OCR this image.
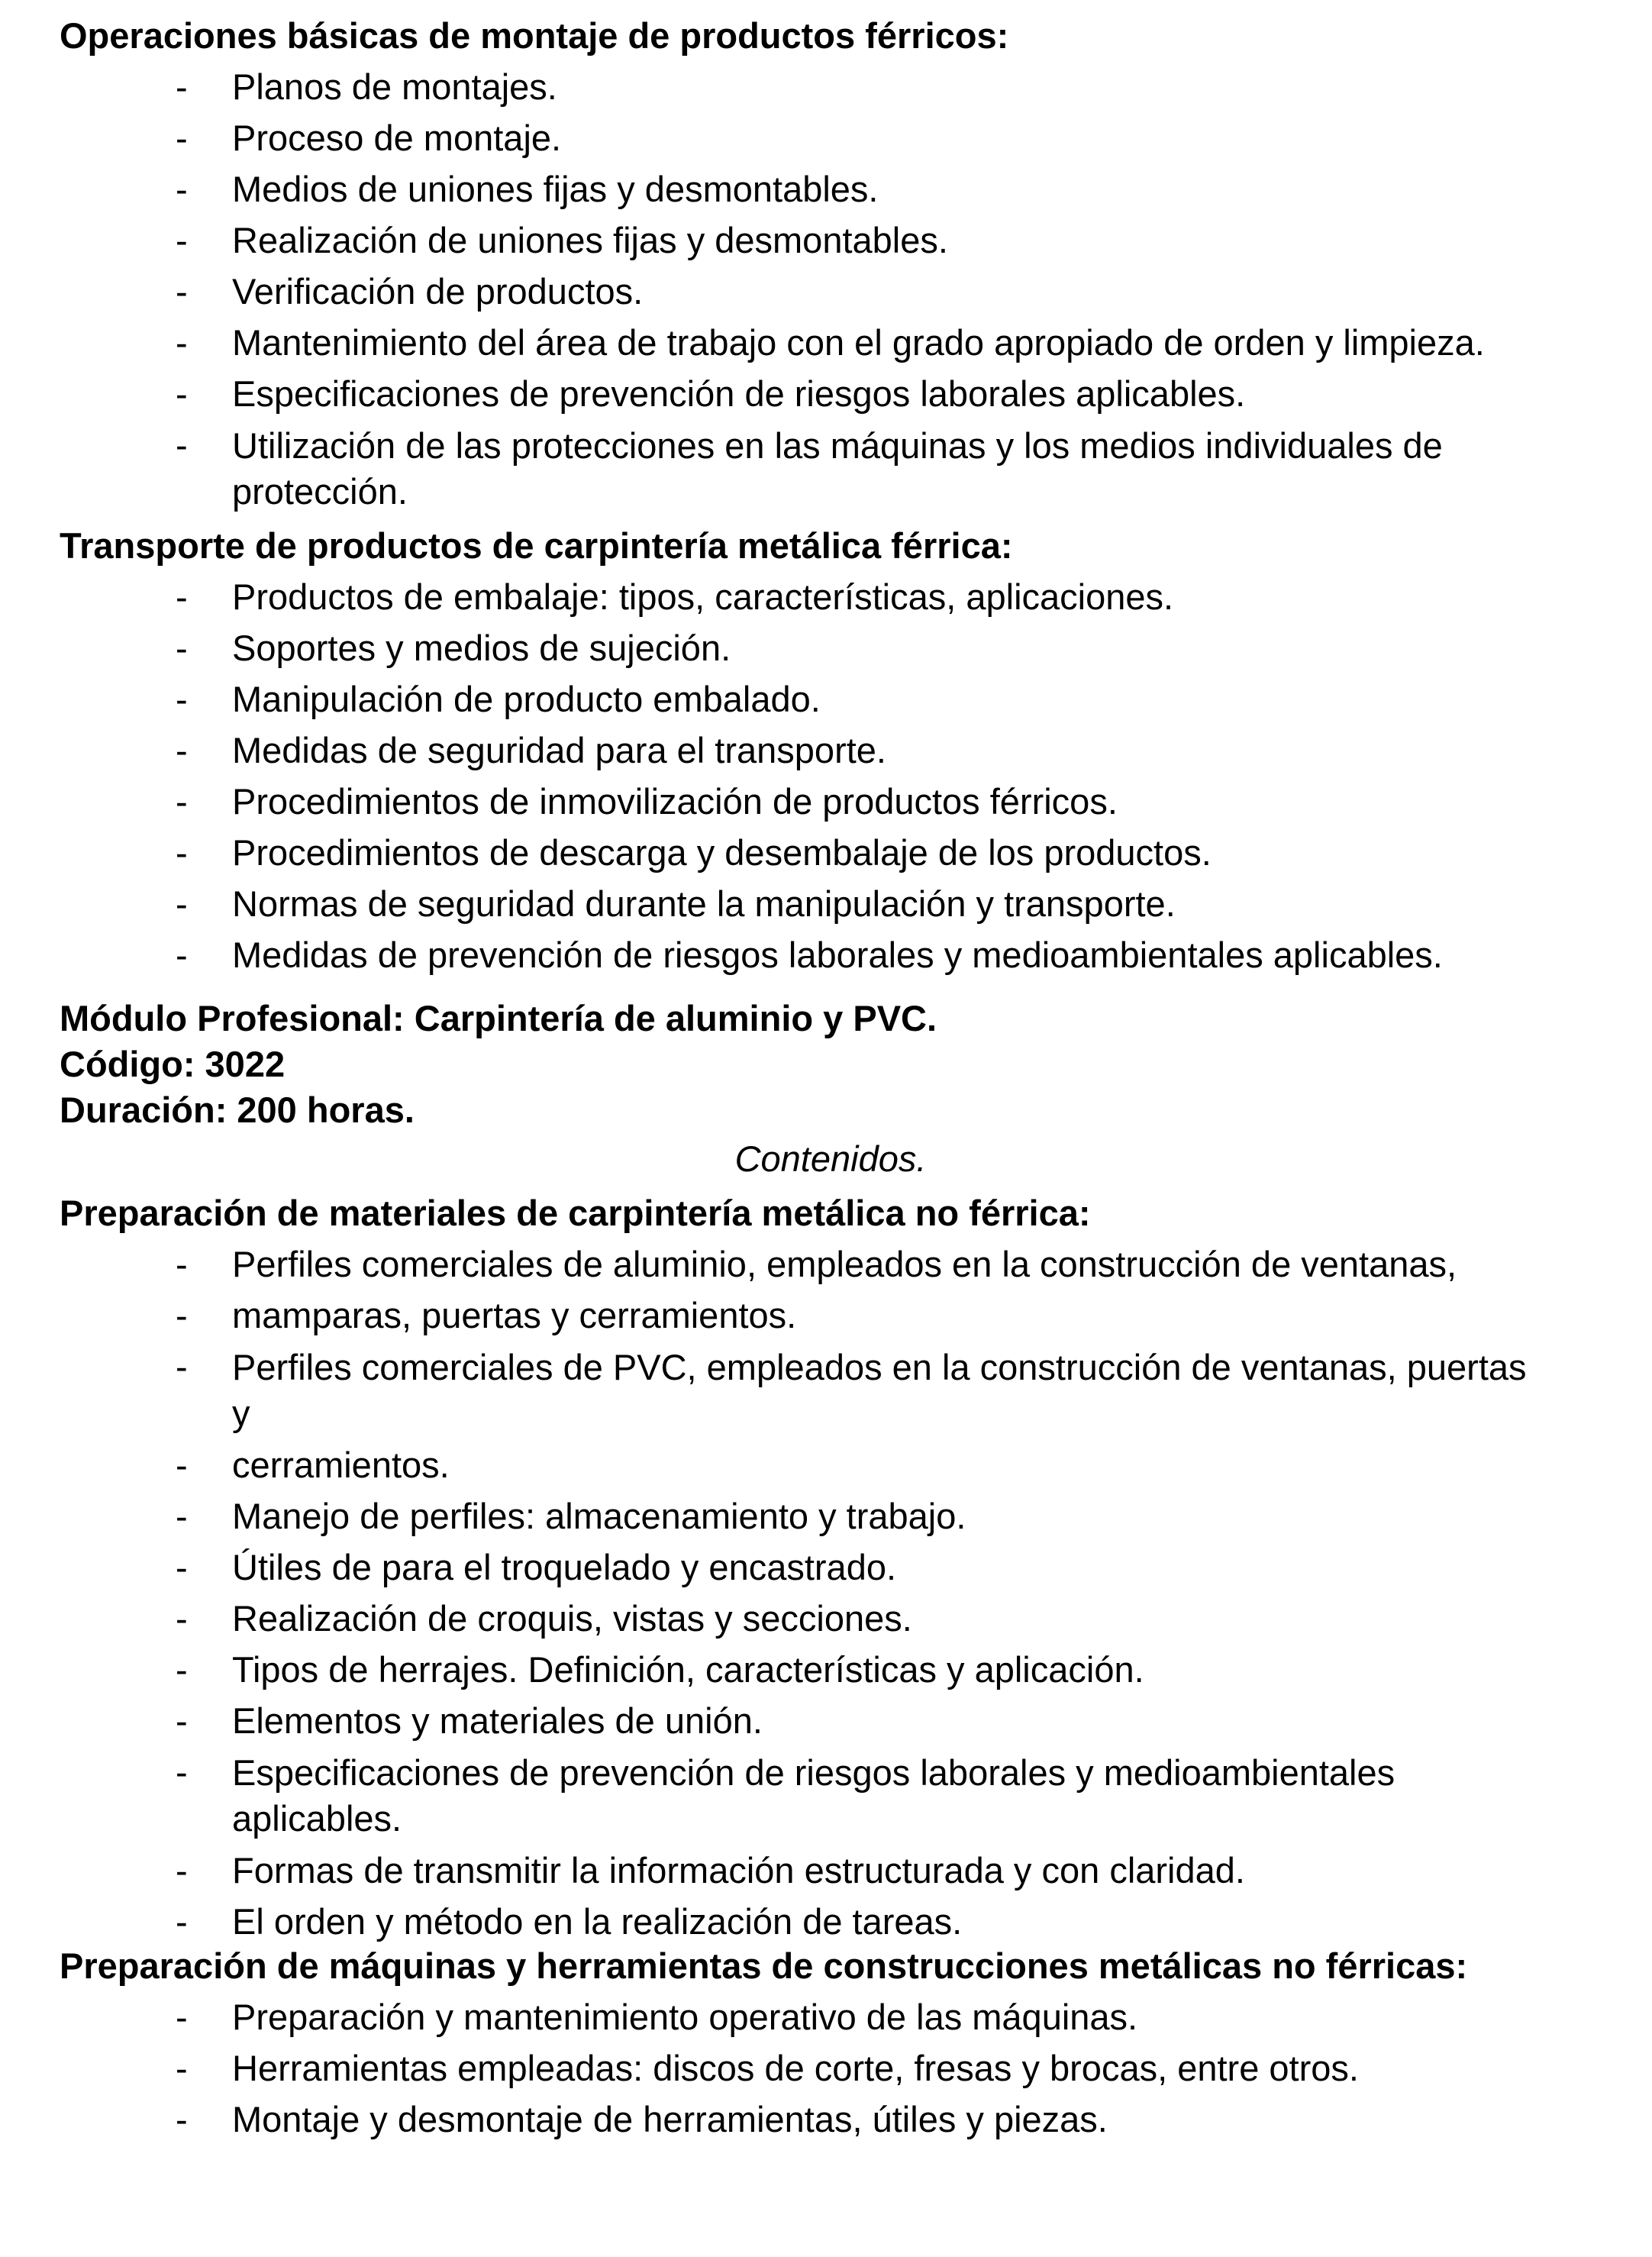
Operaciones básicas de montaje de productos férricos:
- Planos de montajes.
- Proceso de montaje.
- Medios de uniones fijas y desmontables.
- Realización de uniones fijas y desmontables.
- Verificación de productos.
- Mantenimiento del área de trabajo con el grado apropiado de orden y limpieza.
- Especificaciones de prevención de riesgos laborales aplicables.
- Utilización de las protecciones en las máquinas y los medios individuales de protección.
Transporte de productos de carpintería metálica férrica:
- Productos de embalaje: tipos, características, aplicaciones.
- Soportes y medios de sujeción.
- Manipulación de producto embalado.
- Medidas de seguridad para el transporte.
- Procedimientos de inmovilización de productos férricos.
- Procedimientos de descarga y desembalaje de los productos.
- Normas de seguridad durante la manipulación y transporte.
- Medidas de prevención de riesgos laborales y medioambientales aplicables.
Módulo Profesional: Carpintería de aluminio y PVC.
Código: 3022
Duración: 200 horas.
Contenidos.
Preparación de materiales de carpintería metálica no férrica:
- Perfiles comerciales de aluminio, empleados en la construcción de ventanas,
- mamparas, puertas y cerramientos.
- Perfiles comerciales de PVC, empleados en la construcción de ventanas, puertas y
- cerramientos.
- Manejo de perfiles: almacenamiento y trabajo.
- Útiles de para el troquelado y encastrado.
- Realización de croquis, vistas y secciones.
- Tipos de herrajes. Definición, características y aplicación.
- Elementos y materiales de unión.
- Especificaciones de prevención de riesgos laborales y medioambientales aplicables.
- Formas de transmitir la información estructurada y con claridad.
- El orden y método en la realización de tareas.
Preparación de máquinas y herramientas de construcciones metálicas no férricas:
- Preparación y mantenimiento operativo de las máquinas.
- Herramientas empleadas: discos de corte, fresas y brocas, entre otros.
- Montaje y desmontaje de herramientas, útiles y piezas.
